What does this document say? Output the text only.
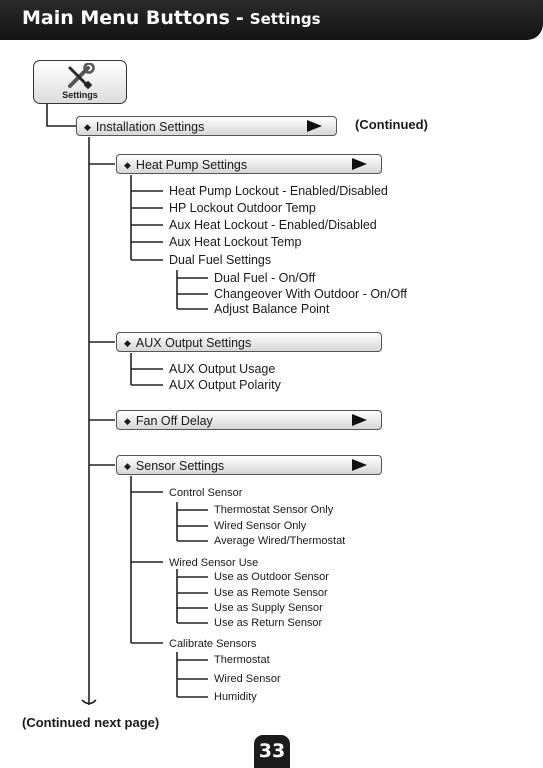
Main Menu Buttons - Settings
Settings
◆ Installation Settings	(Continued)
◆ Heat Pump Settings
Heat Pump Lockout - Enabled/Disabled
HP Lockout Outdoor Temp
Aux Heat Lockout - Enabled/Disabled
Aux Heat Lockout Temp
Dual Fuel Settings
Dual Fuel - On/Off
Changeover With Outdoor - On/Off
Adjust Balance Point
◆ AUX Output Settings
AUX Output Usage
AUX Output Polarity
◆ Fan Off Delay
◆ Sensor Settings
Control Sensor
Thermostat Sensor Only
Wired Sensor Only
Average Wired/Thermostat
Wired Sensor Use
Use as Outdoor Sensor
Use as Remote Sensor
Use as Supply Sensor
Use as Return Sensor
Calibrate Sensors
Thermostat
Wired Sensor
Humidity
(Continued next page)
33
